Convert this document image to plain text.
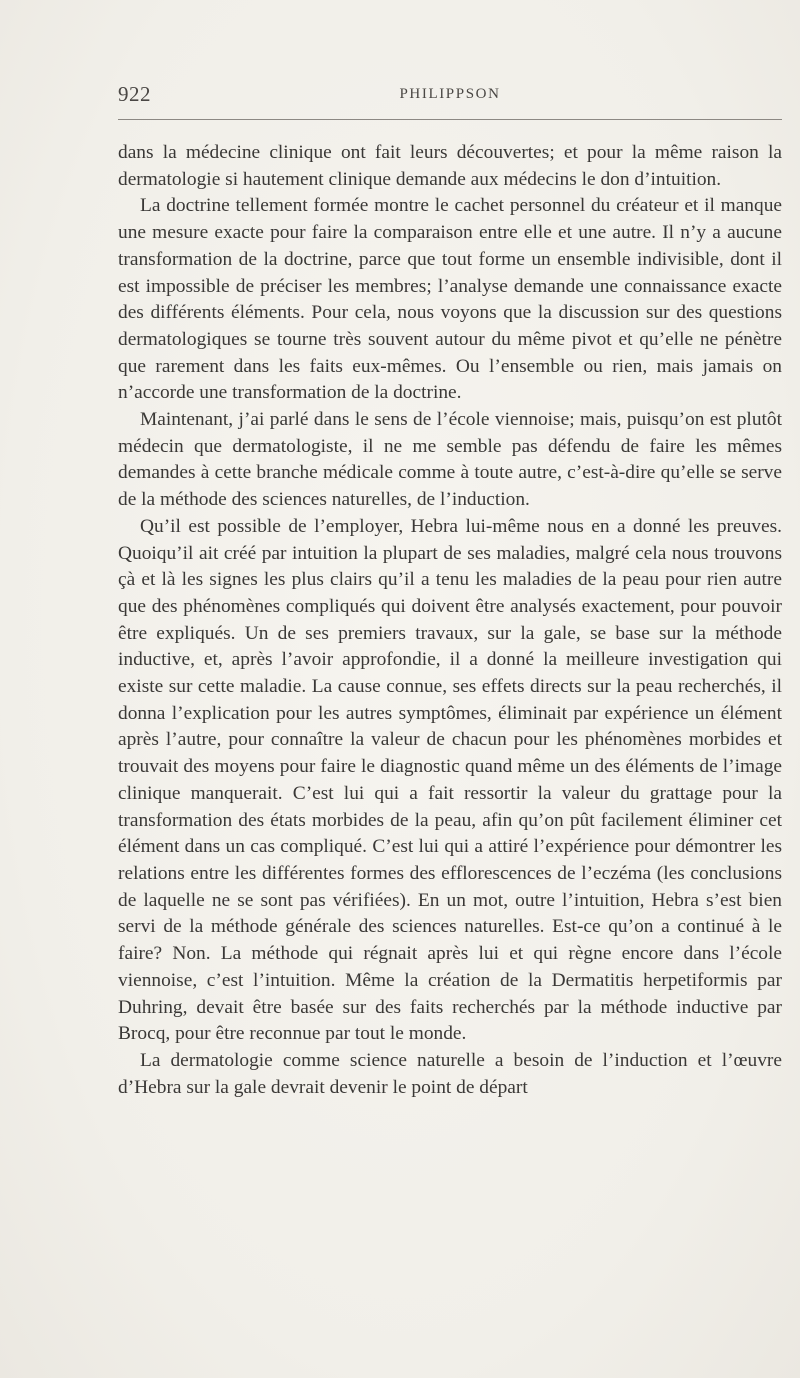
922	PHILIPPSON

dans la médecine clinique ont fait leurs découvertes; et pour la même raison la dermatologie si hautement clinique demande aux médecins le don d’intuition.

La doctrine tellement formée montre le cachet personnel du créateur et il manque une mesure exacte pour faire la comparaison entre elle et une autre. Il n’y a aucune transformation de la doctrine, parce que tout forme un ensemble indivisible, dont il est impossible de préciser les membres; l’analyse demande une connaissance exacte des différents éléments. Pour cela, nous voyons que la discussion sur des questions dermatologiques se tourne très souvent autour du même pivot et qu’elle ne pénètre que rarement dans les faits eux-mêmes. Ou l’ensemble ou rien, mais jamais on n’accorde une transformation de la doctrine.

Maintenant, j’ai parlé dans le sens de l’école viennoise; mais, puisqu’on est plutôt médecin que dermatologiste, il ne me semble pas défendu de faire les mêmes demandes à cette branche médicale comme à toute autre, c’est-à-dire qu’elle se serve de la méthode des sciences naturelles, de l’induction.

Qu’il est possible de l’employer, Hebra lui-même nous en a donné les preuves. Quoiqu’il ait créé par intuition la plupart de ses maladies, malgré cela nous trouvons çà et là les signes les plus clairs qu’il a tenu les maladies de la peau pour rien autre que des phénomènes compliqués qui doivent être analysés exactement, pour pouvoir être expliqués. Un de ses premiers travaux, sur la gale, se base sur la méthode inductive, et, après l’avoir approfondie, il a donné la meilleure investigation qui existe sur cette maladie. La cause connue, ses effets directs sur la peau recherchés, il donna l’explication pour les autres symptômes, éliminait par expérience un élément après l’autre, pour connaître la valeur de chacun pour les phénomènes morbides et trouvait des moyens pour faire le diagnostic quand même un des éléments de l’image clinique manquerait. C’est lui qui a fait ressortir la valeur du grattage pour la transformation des états morbides de la peau, afin qu’on pût facilement éliminer cet élément dans un cas compliqué. C’est lui qui a attiré l’expérience pour démontrer les relations entre les différentes formes des efflorescences de l’eczéma (les conclusions de laquelle ne se sont pas vérifiées). En un mot, outre l’intuition, Hebra s’est bien servi de la méthode générale des sciences naturelles. Est-ce qu’on a continué à le faire? Non. La méthode qui régnait après lui et qui règne encore dans l’école viennoise, c’est l’intuition. Même la création de la Dermatitis herpetiformis par Duhring, devait être basée sur des faits recherchés par la méthode inductive par Brocq, pour être reconnue par tout le monde.

La dermatologie comme science naturelle a besoin de l’induction et l’œuvre d’Hebra sur la gale devrait devenir le point de départ
